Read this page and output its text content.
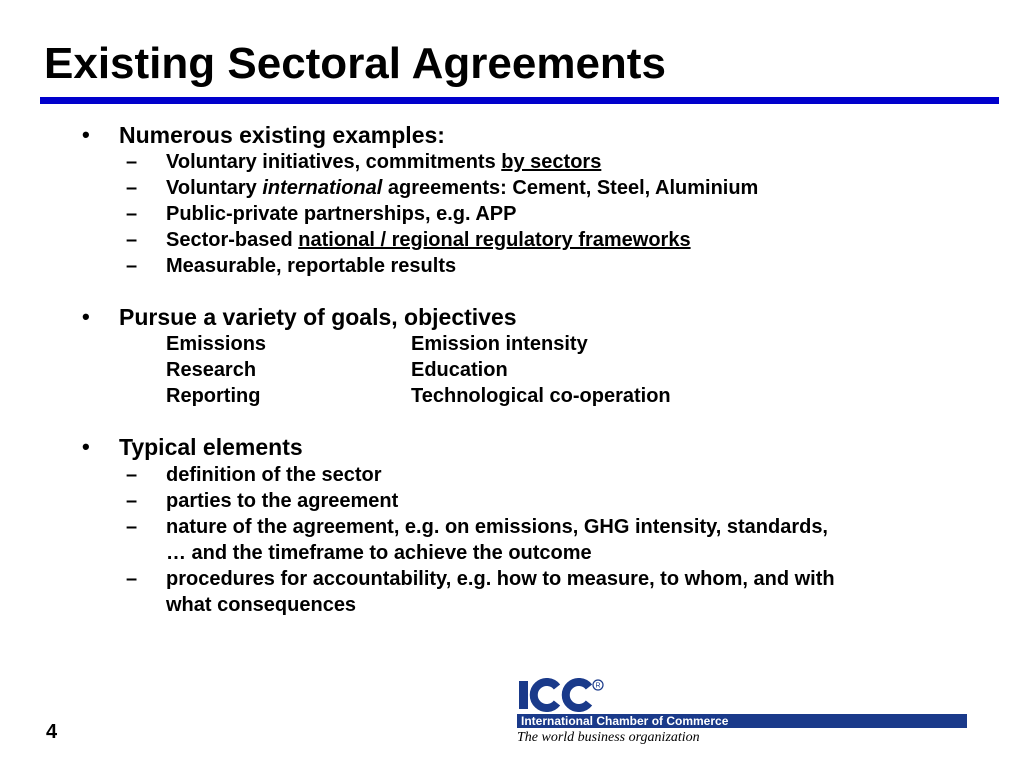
Existing Sectoral Agreements
• Numerous existing examples:
– Voluntary initiatives, commitments by sectors
– Voluntary international agreements: Cement, Steel, Aluminium
– Public-private partnerships, e.g. APP
– Sector-based national / regional regulatory frameworks
– Measurable, reportable results
• Pursue a variety of goals, objectives
Emissions	Emission intensity
Research	Education
Reporting	Technological co-operation
• Typical elements
– definition of the sector
– parties to the agreement
– nature of the agreement, e.g. on emissions, GHG intensity, standards,
… and the timeframe to achieve the outcome
– procedures for accountability, e.g. how to measure, to whom, and with
what consequences
4
R
International Chamber of Commerce
The world business organization
